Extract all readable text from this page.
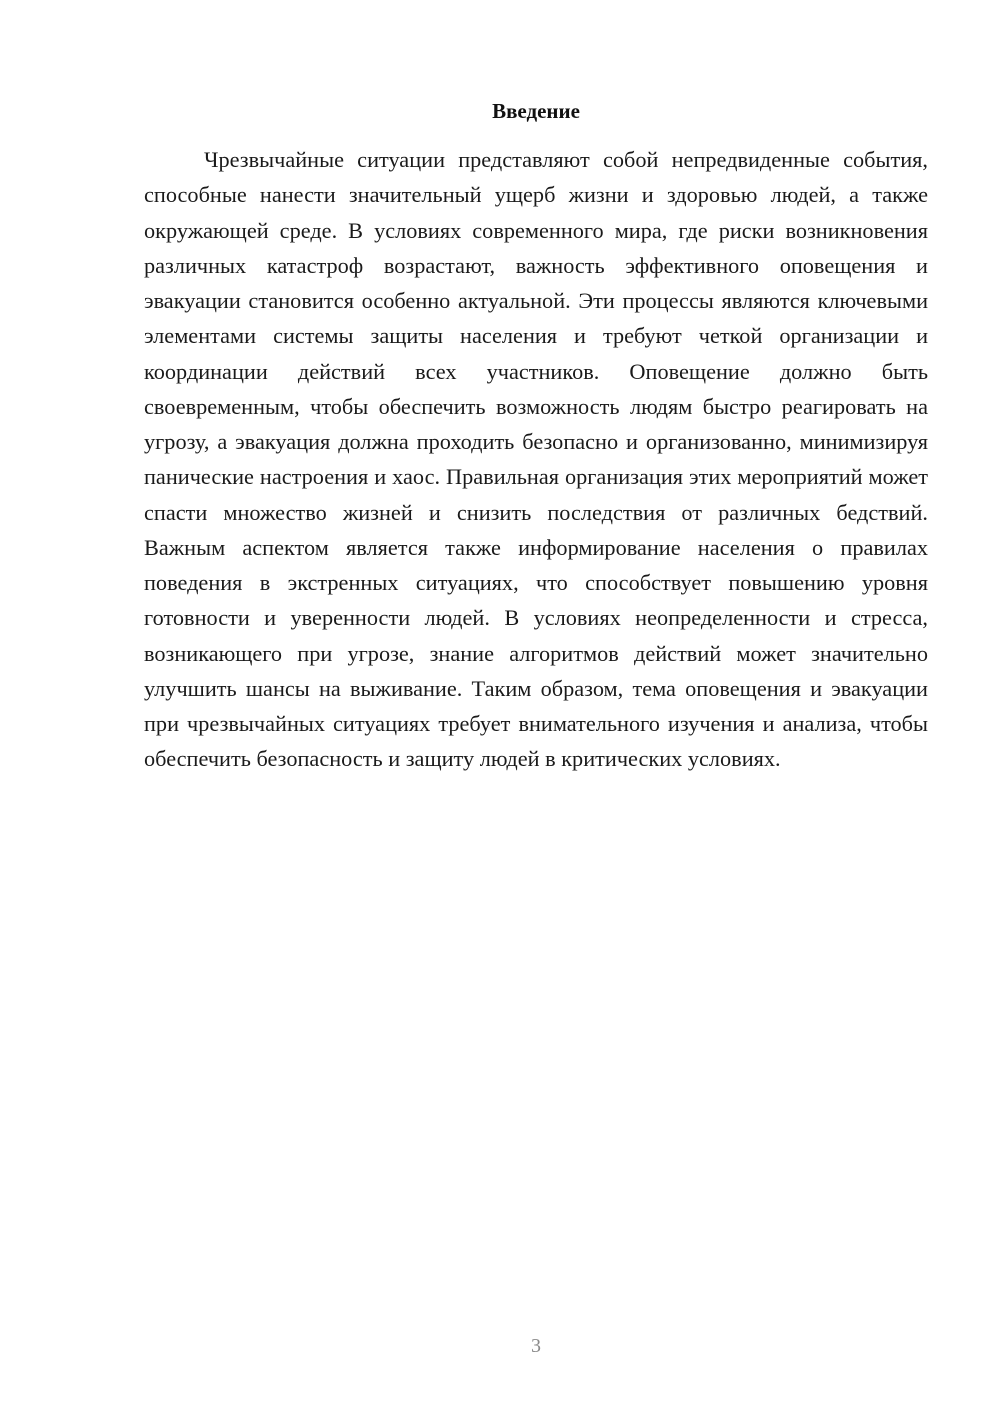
Введение

Чрезвычайные ситуации представляют собой непредвиденные события, способные нанести значительный ущерб жизни и здоровью людей, а также окружающей среде. В условиях современного мира, где риски возникновения различных катастроф возрастают, важность эффективного оповещения и эвакуации становится особенно актуальной. Эти процессы являются ключевыми элементами системы защиты населения и требуют четкой организации и координации действий всех участников. Оповещение должно быть своевременным, чтобы обеспечить возможность людям быстро реагировать на угрозу, а эвакуация должна проходить безопасно и организованно, минимизируя панические настроения и хаос. Правильная организация этих мероприятий может спасти множество жизней и снизить последствия от различных бедствий. Важным аспектом является также информирование населения о правилах поведения в экстренных ситуациях, что способствует повышению уровня готовности и уверенности людей. В условиях неопределенности и стресса, возникающего при угрозе, знание алгоритмов действий может значительно улучшить шансы на выживание. Таким образом, тема оповещения и эвакуации при чрезвычайных ситуациях требует внимательного изучения и анализа, чтобы обеспечить безопасность и защиту людей в критических условиях.

3
